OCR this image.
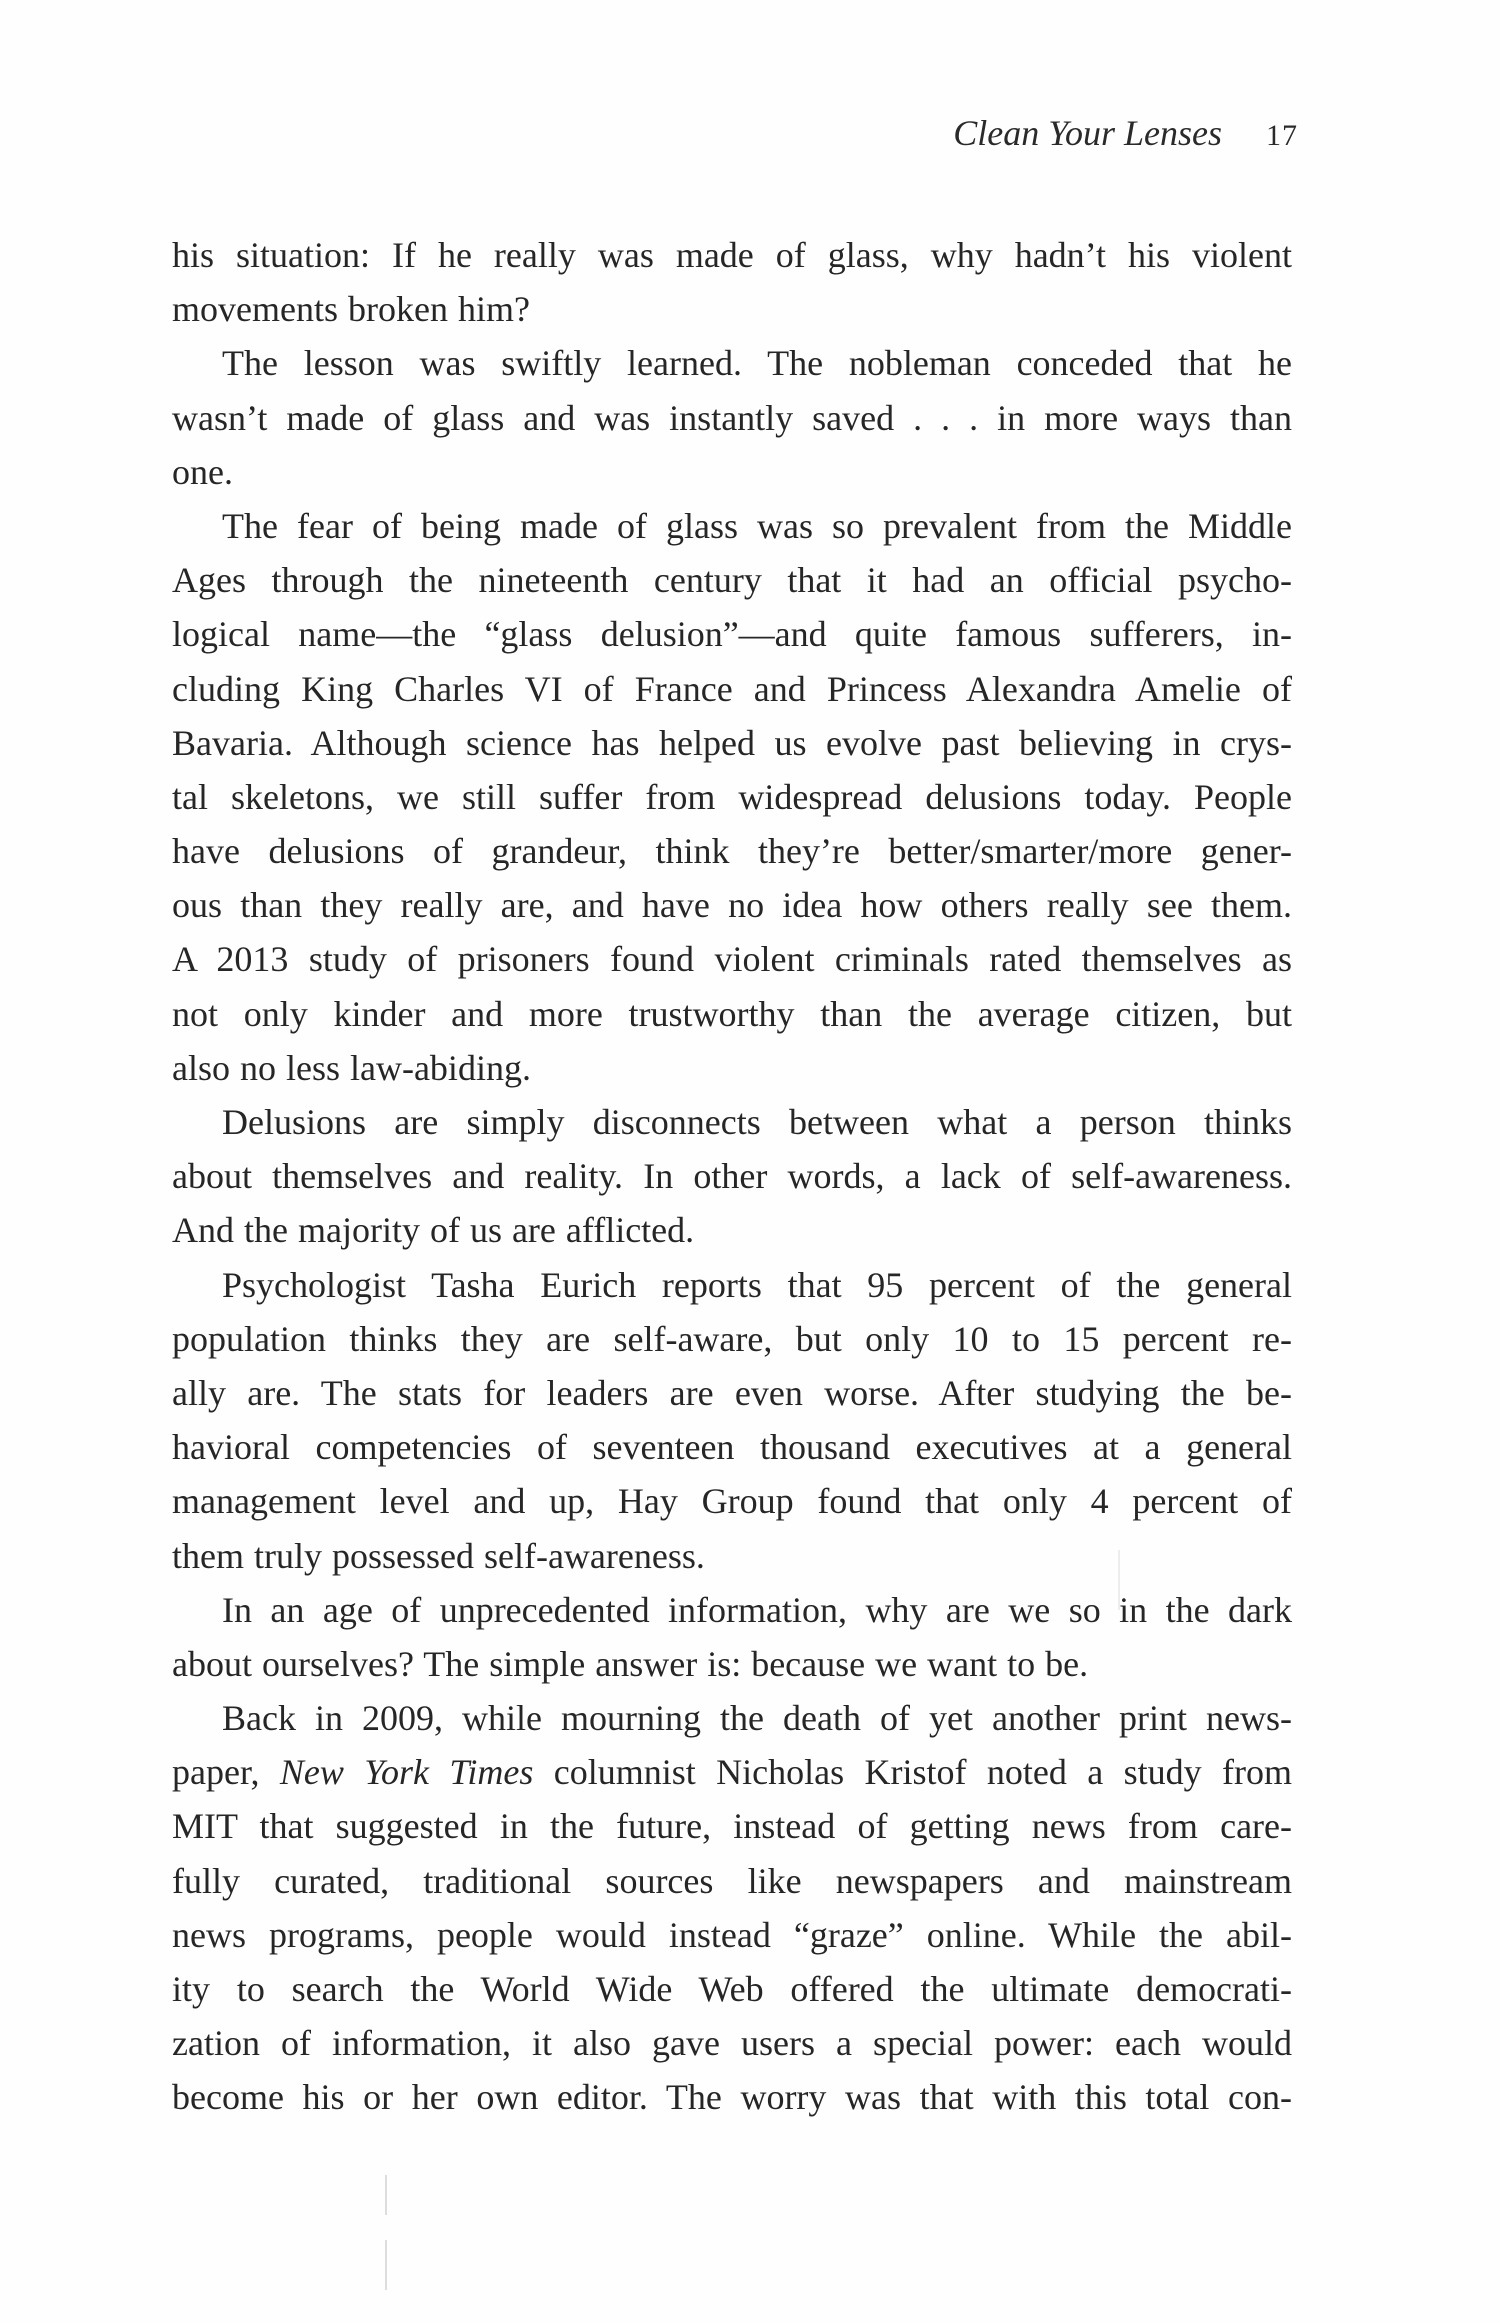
Clean Your Lenses 17
his situation: If he really was made of glass, why hadn’t his violent
movements broken him?
The lesson was swiftly learned. The nobleman conceded that he
wasn’t made of glass and was instantly saved . . . in more ways than
one.
The fear of being made of glass was so prevalent from the Middle
Ages through the nineteenth century that it had an official psycho-
logical name—the “glass delusion”—and quite famous sufferers, in-
cluding King Charles VI of France and Princess Alexandra Amelie of
Bavaria. Although science has helped us evolve past believing in crys-
tal skeletons, we still suffer from widespread delusions today. People
have delusions of grandeur, think they’re better/smarter/more gener-
ous than they really are, and have no idea how others really see them.
A 2013 study of prisoners found violent criminals rated themselves as
not only kinder and more trustworthy than the average citizen, but
also no less law-abiding.
Delusions are simply disconnects between what a person thinks
about themselves and reality. In other words, a lack of self-awareness.
And the majority of us are afflicted.
Psychologist Tasha Eurich reports that 95 percent of the general
population thinks they are self-aware, but only 10 to 15 percent re-
ally are. The stats for leaders are even worse. After studying the be-
havioral competencies of seventeen thousand executives at a general
management level and up, Hay Group found that only 4 percent of
them truly possessed self-awareness.
In an age of unprecedented information, why are we so in the dark
about ourselves? The simple answer is: because we want to be.
Back in 2009, while mourning the death of yet another print news-
paper, New York Times columnist Nicholas Kristof noted a study from
MIT that suggested in the future, instead of getting news from care-
fully curated, traditional sources like newspapers and mainstream
news programs, people would instead “graze” online. While the abil-
ity to search the World Wide Web offered the ultimate democrati-
zation of information, it also gave users a special power: each would
become his or her own editor. The worry was that with this total con-
